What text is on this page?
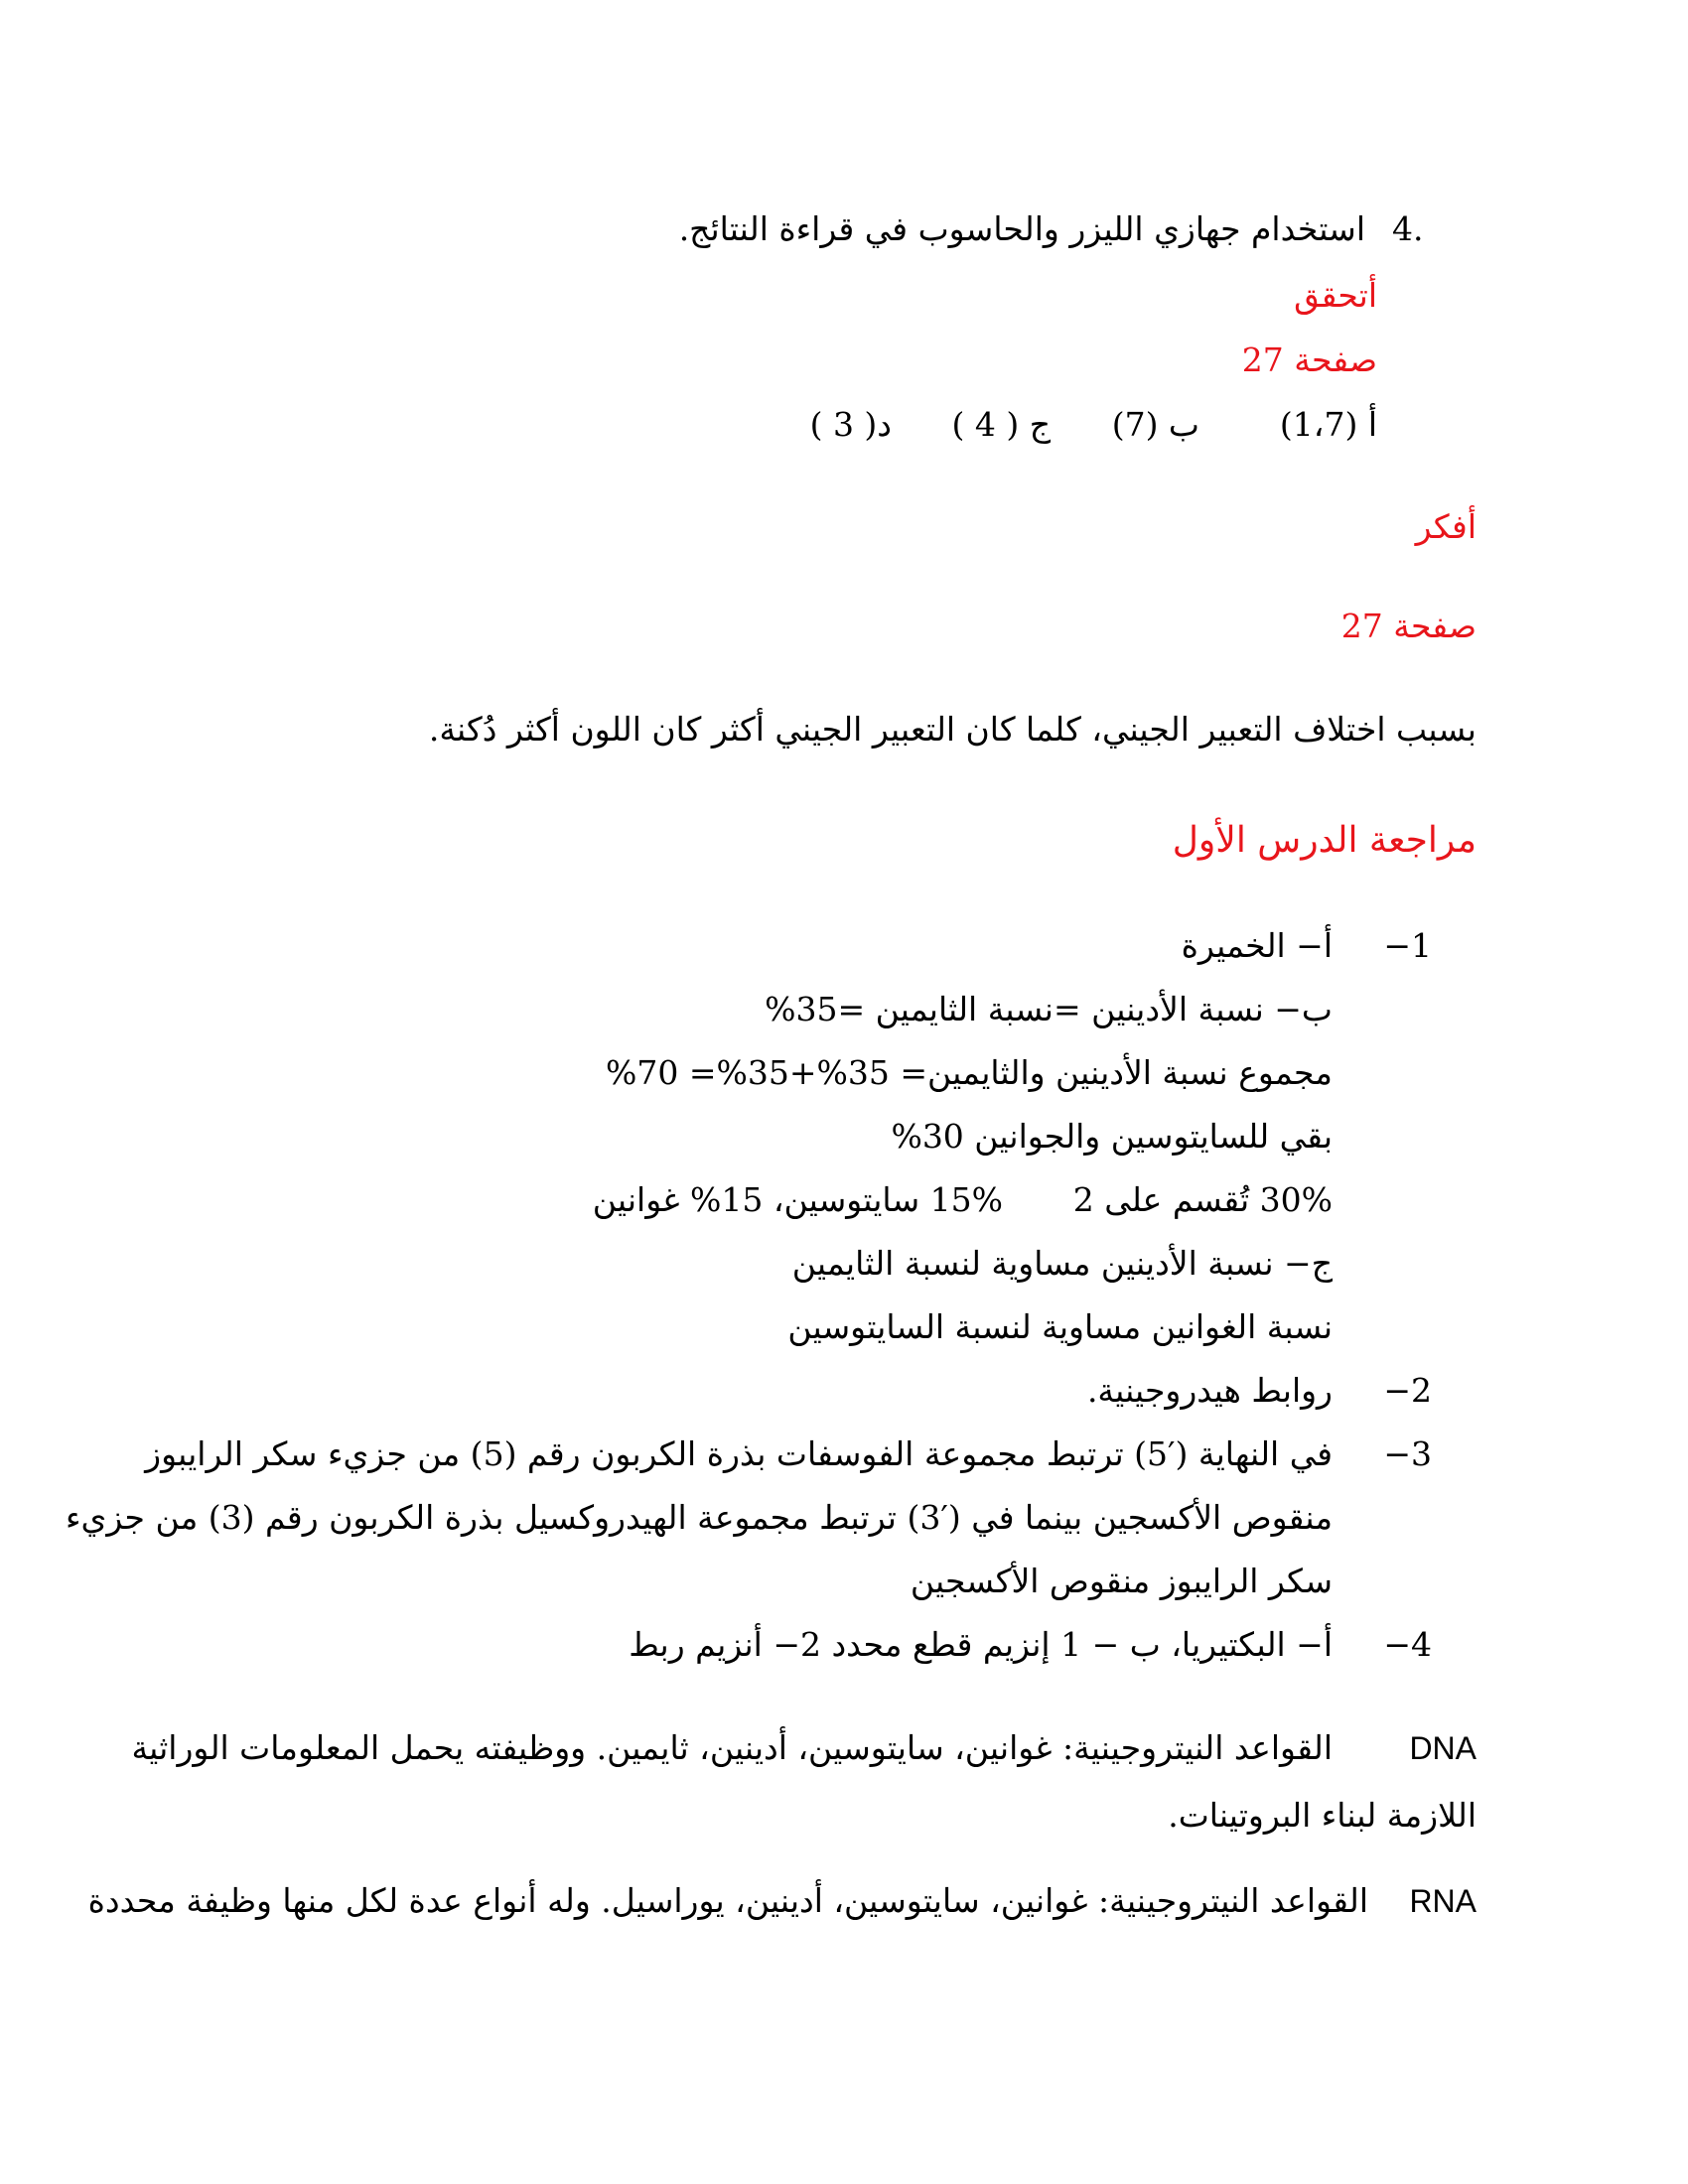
4.
استخدام جهازي الليزر والحاسوب في قراءة النتائج.
أتحقق
صفحة 27
أ (1،7)
ب (7)
ج ( 4 )
د( 3 )
أفكر
صفحة 27
بسبب اختلاف التعبير الجيني، كلما كان التعبير الجيني أكثر كان اللون أكثر دُكنة.
مراجعة الدرس الأول
1−
أ− الخميرة
ب− نسبة الأدينين =نسبة الثايمين =35%
مجموع نسبة الأدينين والثايمين= 35%+35%= 70%
بقي للسايتوسين والجوانين 30%
30% تُقسم على 2
15% سايتوسين، 15% غوانين
ج− نسبة الأدينين مساوية لنسبة الثايمين
نسبة الغوانين مساوية لنسبة السايتوسين
2−
روابط هيدروجينية.
3−
في النهاية (′5) ترتبط مجموعة الفوسفات بذرة الكربون رقم (5) من جزيء سكر الرايبوز
منقوص الأكسجين بينما في (′3) ترتبط مجموعة الهيدروكسيل بذرة الكربون رقم (3) من جزيء
سكر الرايبوز منقوص الأكسجين
4−
أ− البكتيريا، ب − 1 إنزيم قطع محدد 2− أنزيم ربط
DNA
القواعد النيتروجينية: غوانين، سايتوسين، أدينين، ثايمين. ووظيفته يحمل المعلومات الوراثية
اللازمة لبناء البروتينات.
RNA
القواعد النيتروجينية: غوانين، سايتوسين، أدينين، يوراسيل. وله أنواع عدة لكل منها وظيفة محددة
